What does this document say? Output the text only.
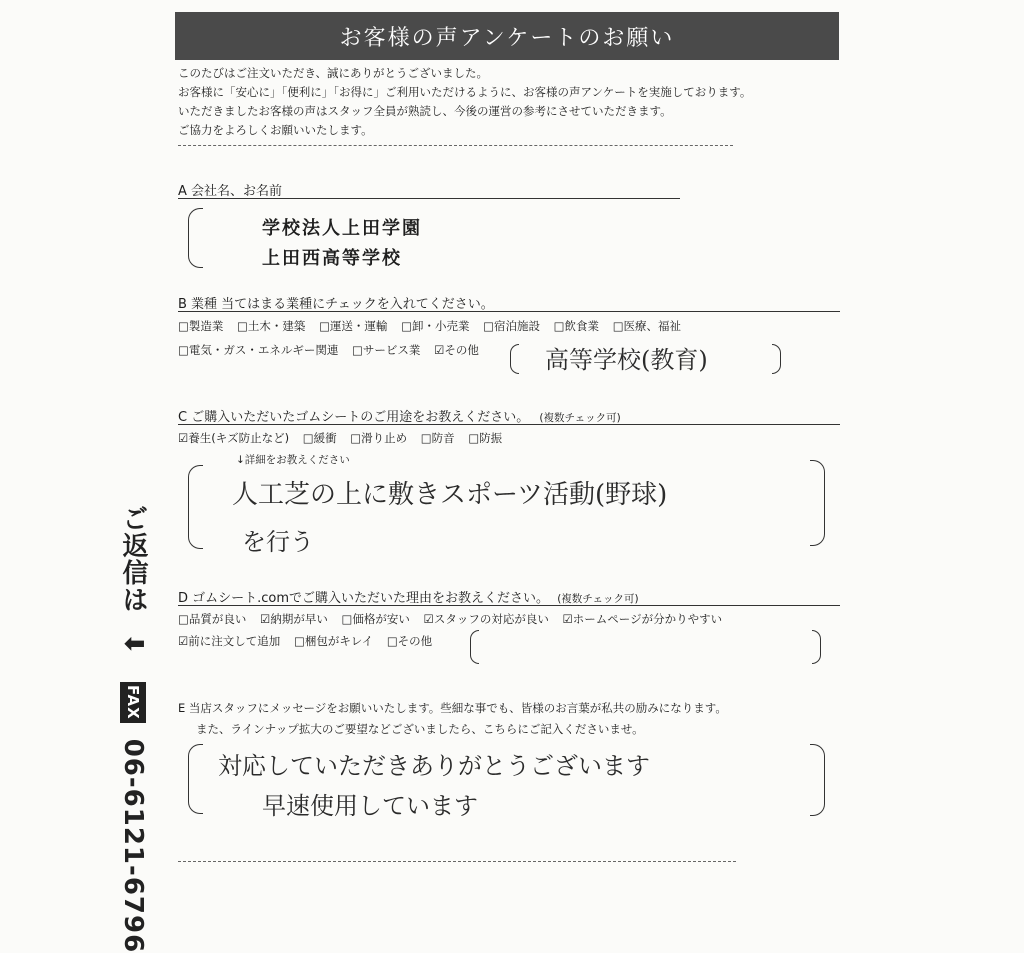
お客様の声アンケートのお願い
このたびはご注文いただき、誠にありがとうございました。
お客様に「安心に」「便利に」「お得に」ご利用いただけるように、お客様の声アンケートを実施しております。
いただきましたお客様の声はスタッフ全員が熟読し、今後の運営の参考にさせていただきます。
ご協力をよろしくお願いいたします。
A 会社名、お名前
学校法人上田学園
上田西高等学校
B 業種 当てはまる業種にチェックを入れてください。
□製造業 □土木・建築 □運送・運輸 □卸・小売業 □宿泊施設 □飲食業 □医療、福祉
□電気・ガス・エネルギー関連 □サービス業 ☑その他	高等学校(教育)
C ご購入いただいたゴムシートのご用途をお教えください。 (複数チェック可)
☑養生(キズ防止など) □緩衝 □滑り止め □防音 □防振
↓詳細をお教えください
人工芝の上に敷きスポーツ活動(野球)
を行う
D ゴムシート.comでご購入いただいた理由をお教えください。 (複数チェック可)
□品質が良い ☑納期が早い □価格が安い ☑スタッフの対応が良い ☑ホームページが分かりやすい
☑前に注文して追加 □梱包がキレイ □その他
E 当店スタッフにメッセージをお願いいたします。些細な事でも、皆様のお言葉が私共の励みになります。
また、ラインナップ拡大のご要望などございましたら、こちらにご記入くださいませ。
対応していただきありがとうございます
早速使用しています
ご返信は ⬇ FAX 06-6121-6796
